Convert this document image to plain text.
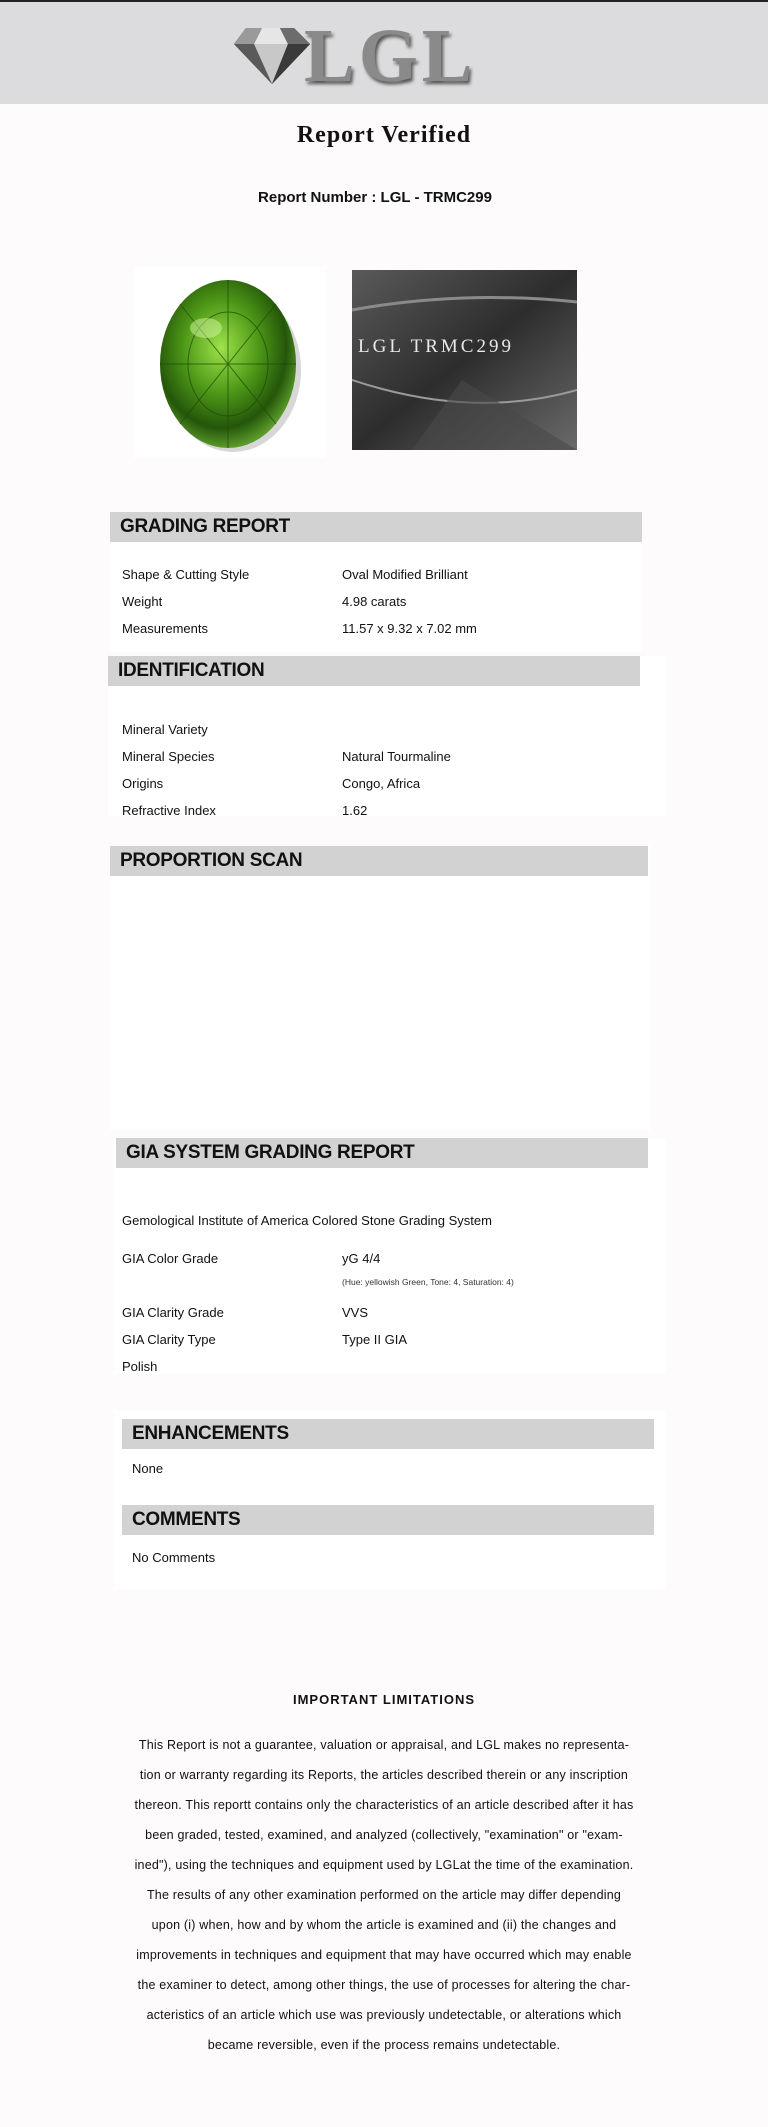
LGL
Report Verified
Report Number : LGL - TRMC299
LGL TRMC299
GRADING REPORT
Shape & Cutting Style	Oval Modified Brilliant
Weight	4.98 carats
Measurements	11.57 x 9.32 x 7.02 mm
IDENTIFICATION
Mineral Variety
Mineral Species	Natural Tourmaline
Origins	Congo, Africa
Refractive Index	1.62
PROPORTION SCAN
GIA SYSTEM GRADING REPORT
Gemological Institute of America Colored Stone Grading System
GIA Color Grade	yG 4/4
(Hue: yellowish Green, Tone: 4, Saturation: 4)
GIA Clarity Grade	VVS
GIA Clarity Type	Type II GIA
Polish
ENHANCEMENTS
None
COMMENTS
No Comments
IMPORTANT LIMITATIONS
This Report is not a guarantee, valuation or appraisal, and LGL makes no representa-
tion or warranty regarding its Reports, the articles described therein or any inscription
thereon. This reportt contains only the characteristics of an article described after it has
been graded, tested, examined, and analyzed (collectively, "examination" or "exam-
ined"), using the techniques and equipment used by LGLat the time of the examination.
The results of any other examination performed on the article may differ depending
upon (i) when, how and by whom the article is examined and (ii) the changes and
improvements in techniques and equipment that may have occurred which may enable
the examiner to detect, among other things, the use of processes for altering the char-
acteristics of an article which use was previously undetectable, or alterations which
became reversible, even if the process remains undetectable.
